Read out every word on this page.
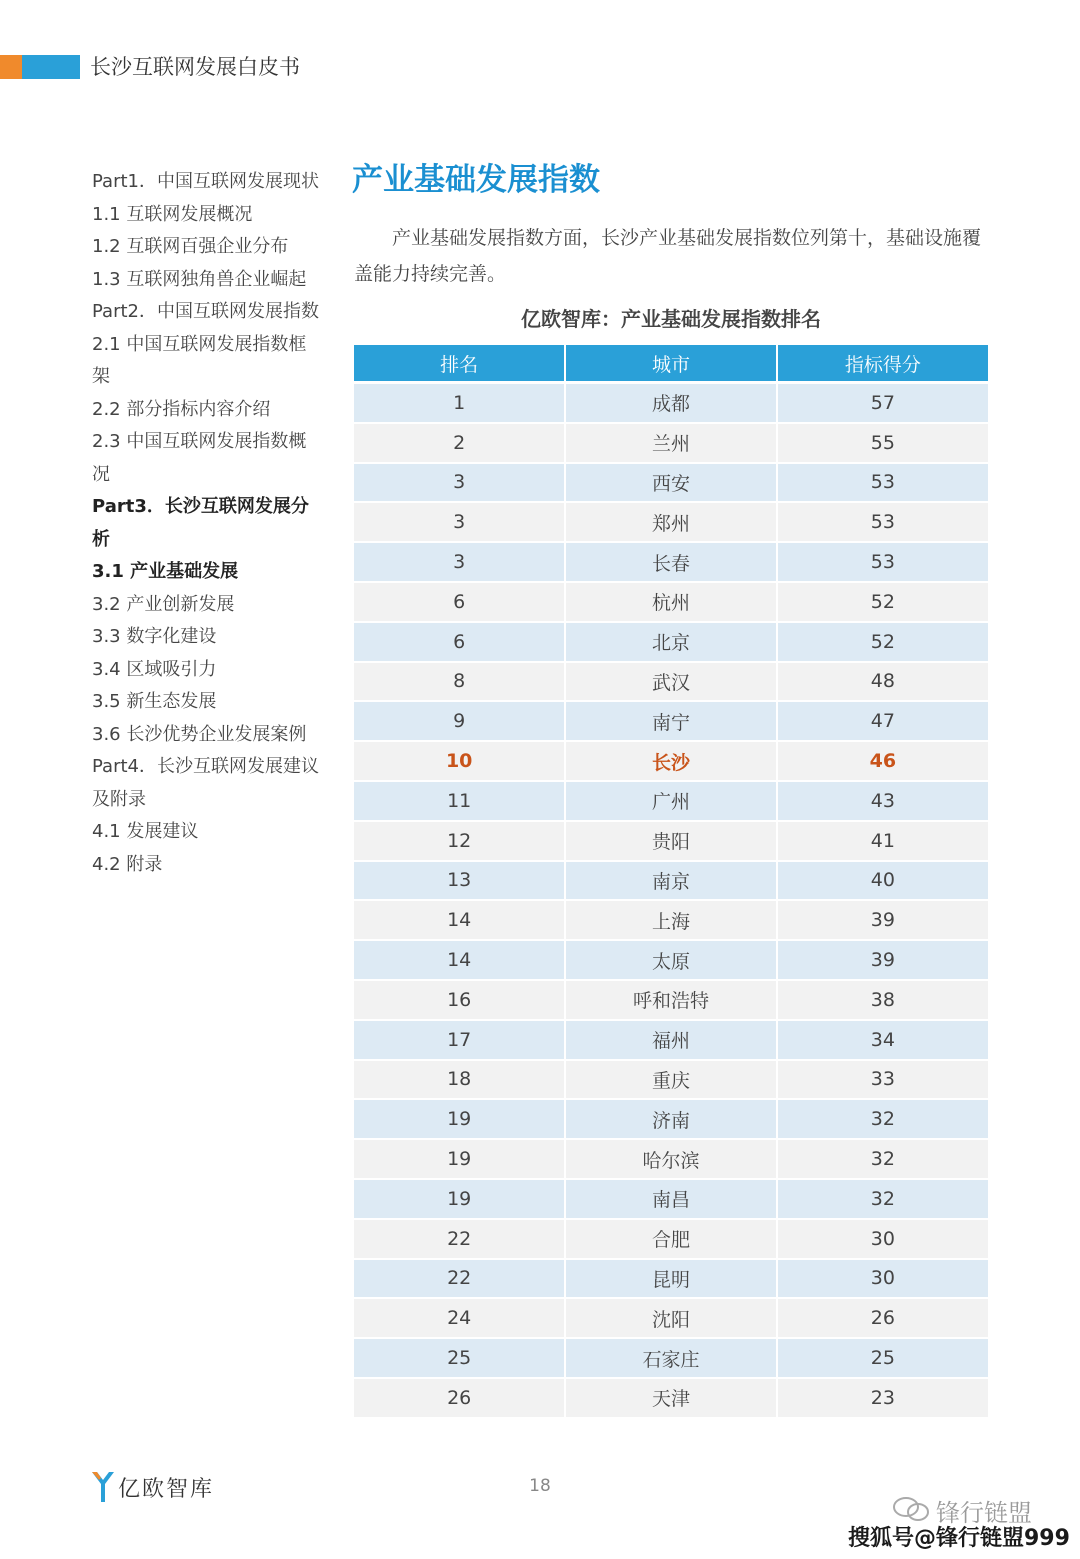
长沙互联网发展白皮书
Part1．中国互联网发展现状
1.1 互联网发展概况
1.2 互联网百强企业分布
1.3 互联网独角兽企业崛起
Part2．中国互联网发展指数
2.1 中国互联网发展指数框
架
2.2 部分指标内容介绍
2.3 中国互联网发展指数概
况
Part3．长沙互联网发展分
析
3.1 产业基础发展
3.2 产业创新发展
3.3 数字化建设
3.4 区域吸引力
3.5 新生态发展
3.6 长沙优势企业发展案例
Part4．长沙互联网发展建议
及附录
4.1 发展建议
4.2 附录
产业基础发展指数
产业基础发展指数方面，长沙产业基础发展指数位列第十，基础设施覆盖能力持续完善。
亿欧智库：产业基础发展指数排名
排名	城市	指标得分
1	成都	57
2	兰州	55
3	西安	53
3	郑州	53
3	长春	53
6	杭州	52
6	北京	52
8	武汉	48
9	南宁	47
10	长沙	46
11	广州	43
12	贵阳	41
13	南京	40
14	上海	39
14	太原	39
16	呼和浩特	38
17	福州	34
18	重庆	33
19	济南	32
19	哈尔滨	32
19	南昌	32
22	合肥	30
22	昆明	30
24	沈阳	26
25	石家庄	25
26	天津	23
亿欧智库	18
锋行链盟
搜狐号@锋行链盟999
